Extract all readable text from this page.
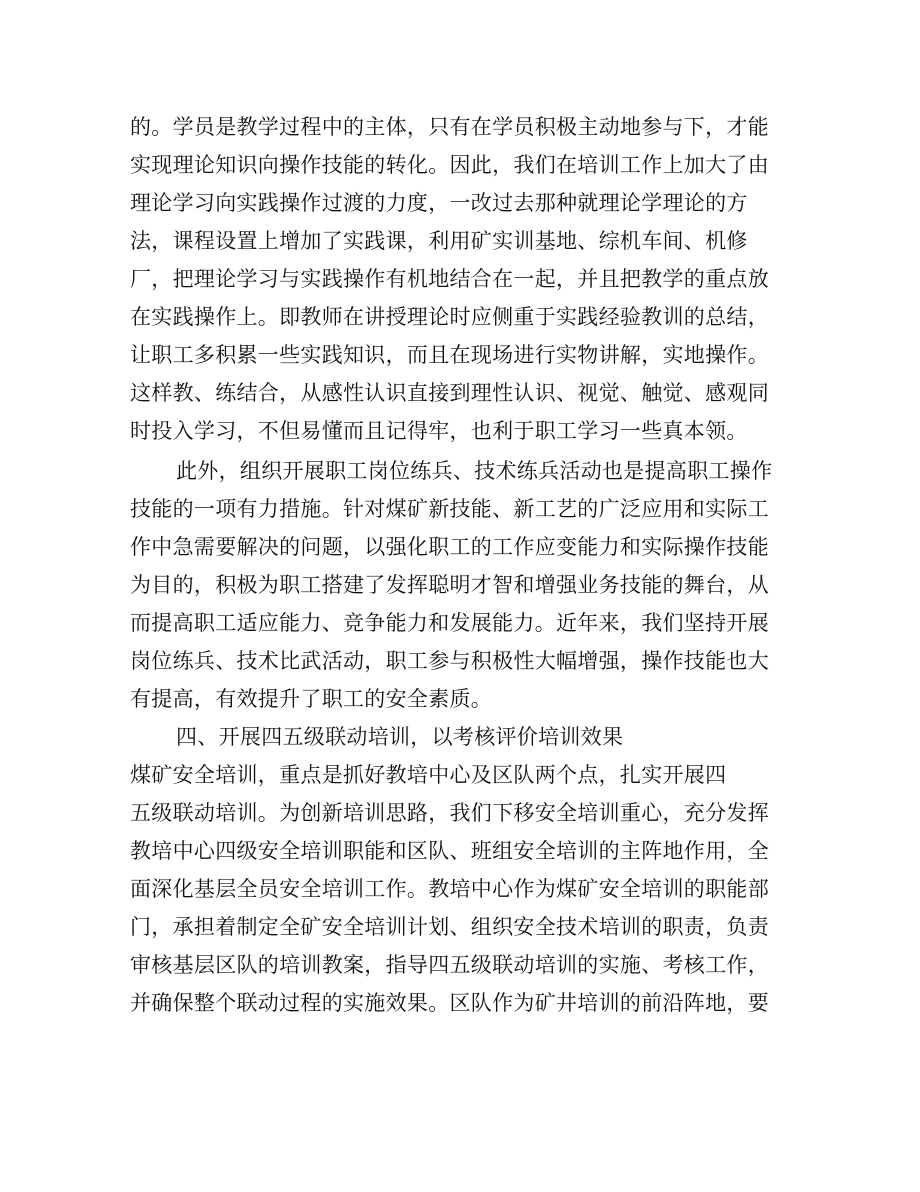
的。学员是教学过程中的主体，只有在学员积极主动地参与下，才能
实现理论知识向操作技能的转化。因此，我们在培训工作上加大了由
理论学习向实践操作过渡的力度，一改过去那种就理论学理论的方
法，课程设置上增加了实践课，利用矿实训基地、综机车间、机修
厂，把理论学习与实践操作有机地结合在一起，并且把教学的重点放
在实践操作上。即教师在讲授理论时应侧重于实践经验教训的总结，
让职工多积累一些实践知识，而且在现场进行实物讲解，实地操作。
这样教、练结合，从感性认识直接到理性认识、视觉、触觉、感观同
时投入学习，不但易懂而且记得牢，也利于职工学习一些真本领。
此外，组织开展职工岗位练兵、技术练兵活动也是提高职工操作
技能的一项有力措施。针对煤矿新技能、新工艺的广泛应用和实际工
作中急需要解决的问题，以强化职工的工作应变能力和实际操作技能
为目的，积极为职工搭建了发挥聪明才智和增强业务技能的舞台，从
而提高职工适应能力、竞争能力和发展能力。近年来，我们坚持开展
岗位练兵、技术比武活动，职工参与积极性大幅增强，操作技能也大
有提高，有效提升了职工的安全素质。
四、开展四五级联动培训，以考核评价培训效果
煤矿安全培训，重点是抓好教培中心及区队两个点，扎实开展四
五级联动培训。为创新培训思路，我们下移安全培训重心，充分发挥
教培中心四级安全培训职能和区队、班组安全培训的主阵地作用，全
面深化基层全员安全培训工作。教培中心作为煤矿安全培训的职能部
门，承担着制定全矿安全培训计划、组织安全技术培训的职责，负责
审核基层区队的培训教案，指导四五级联动培训的实施、考核工作，
并确保整个联动过程的实施效果。区队作为矿井培训的前沿阵地，要
